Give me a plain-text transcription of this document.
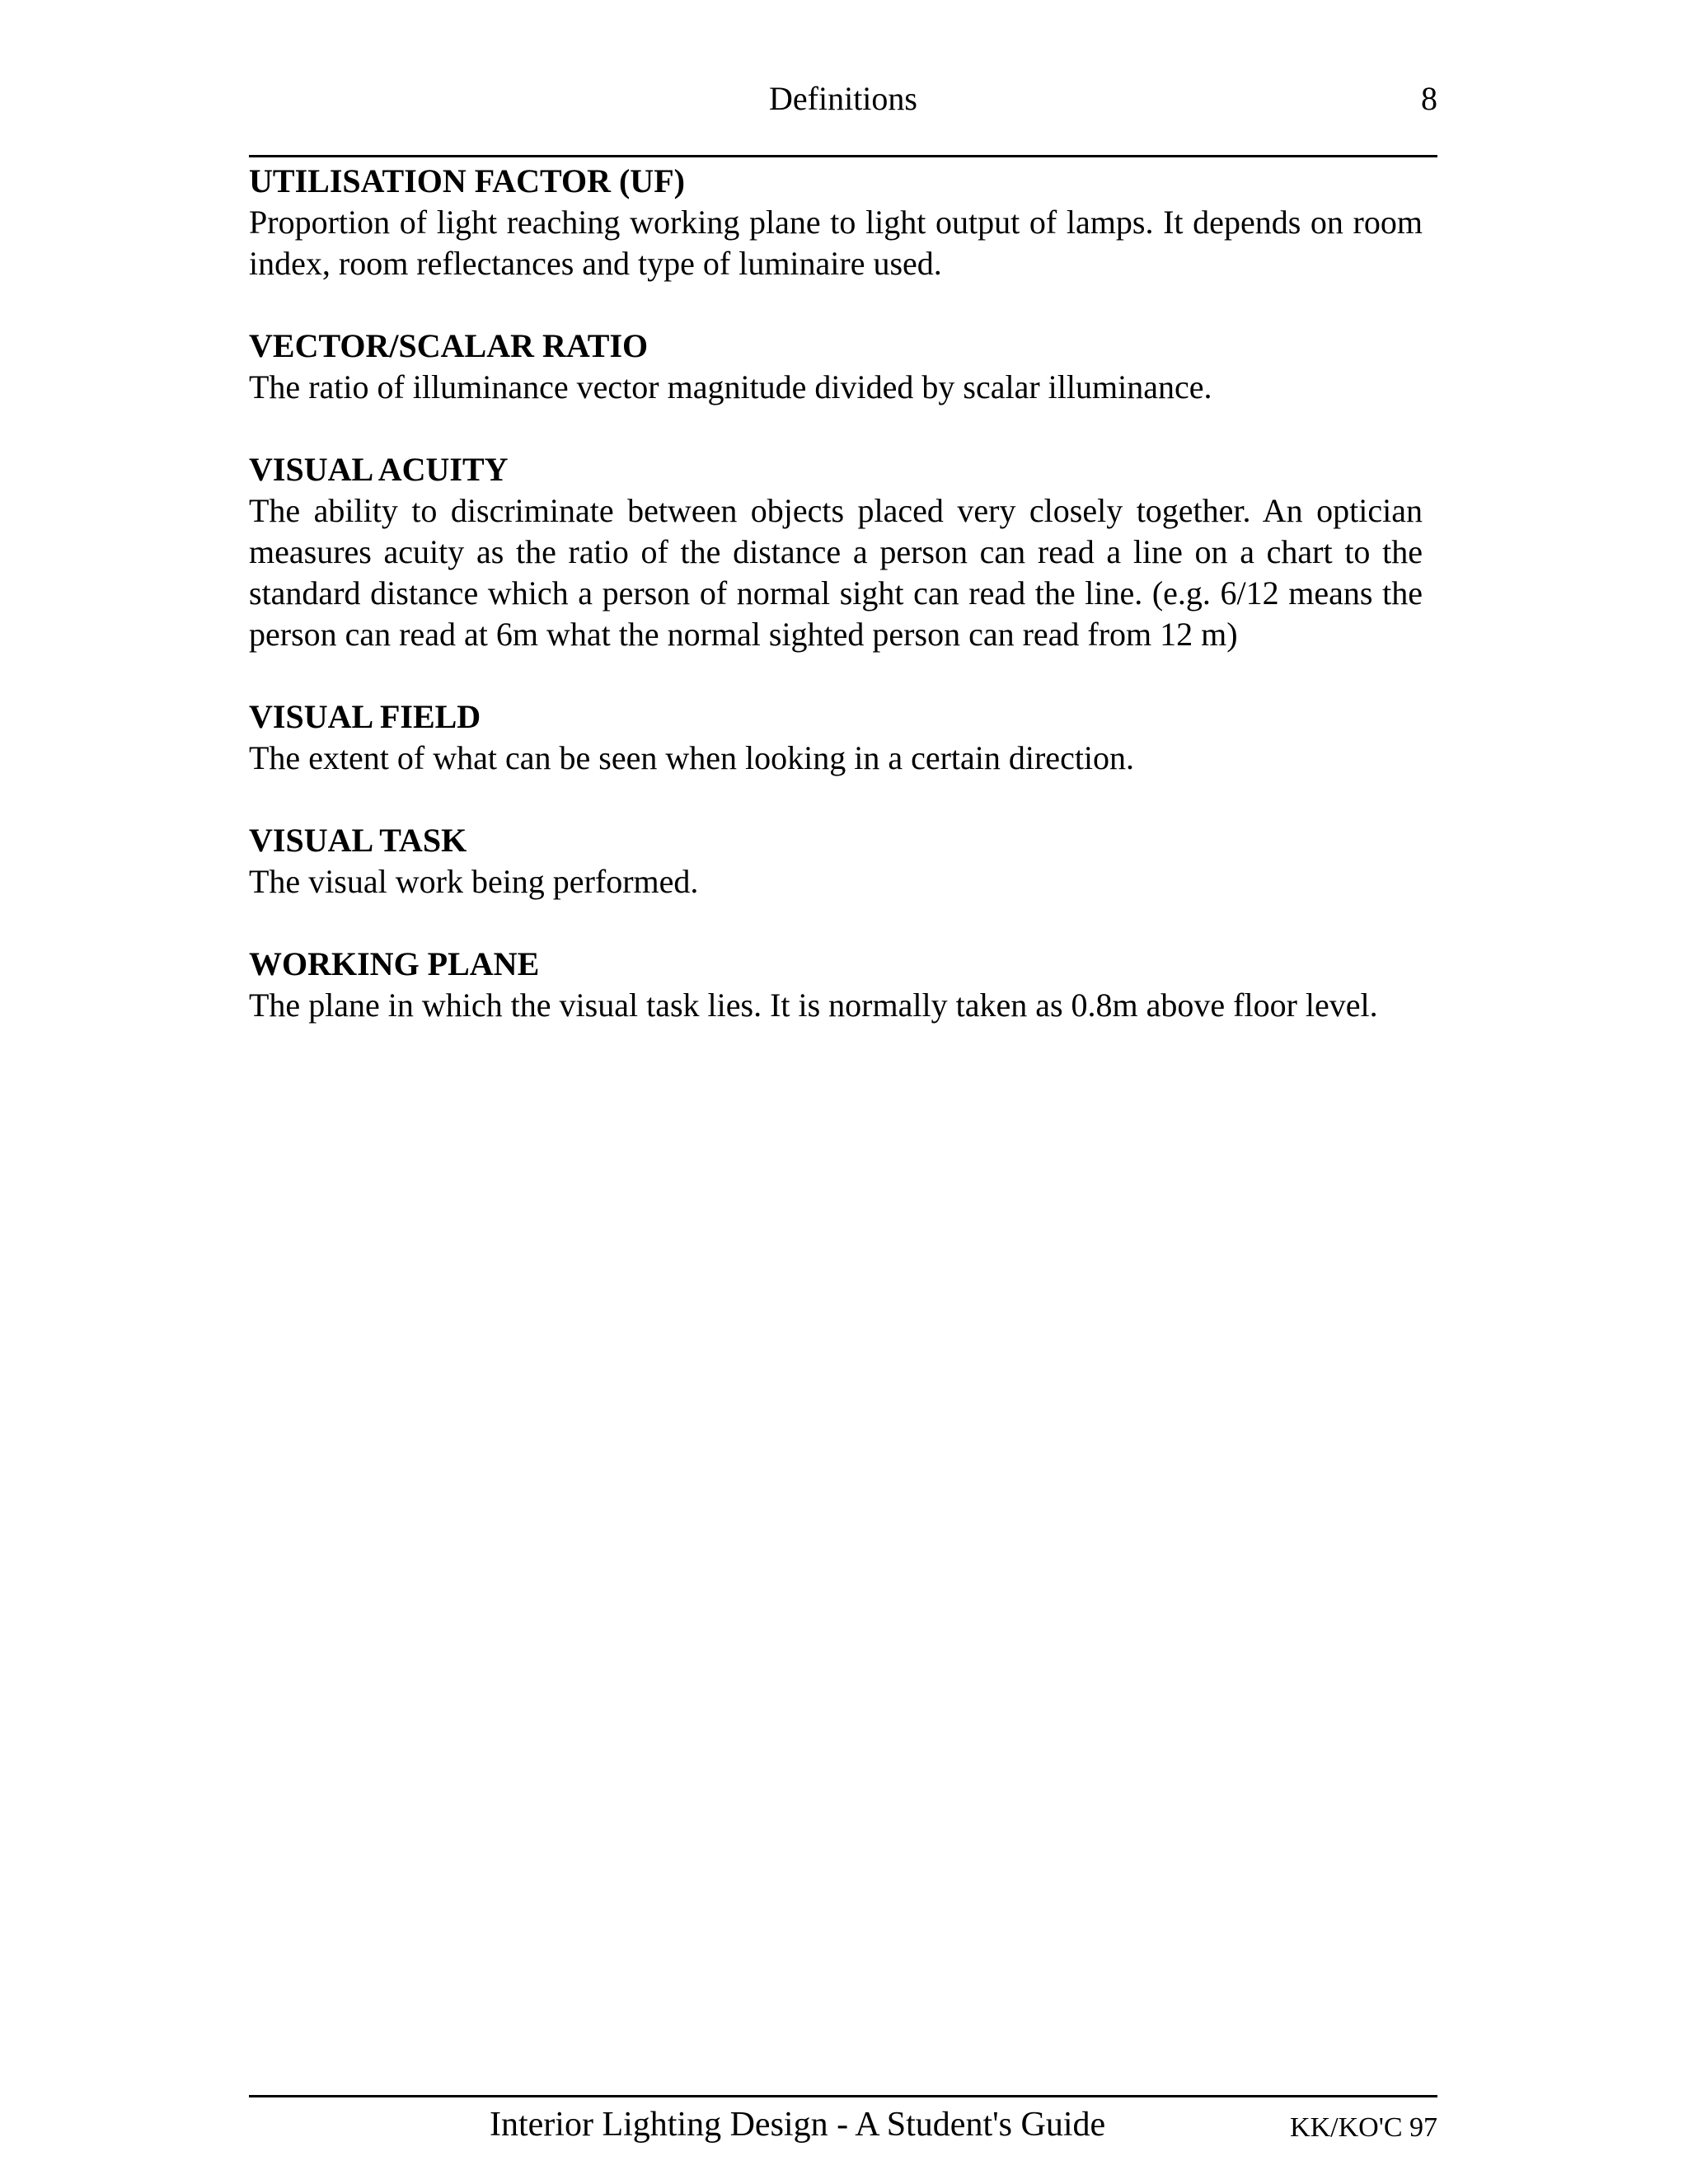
Definitions	8

UTILISATION FACTOR (UF)

Proportion of light reaching working plane to light output of lamps. It depends on room index, room reflectances and type of luminaire used.

VECTOR/SCALAR RATIO

The ratio of illuminance vector magnitude divided by scalar illuminance.

VISUAL ACUITY

The ability to discriminate between objects placed very closely together. An optician measures acuity as the ratio of the distance a person can read a line on a chart to the standard distance which a person of normal sight can read the line. (e.g. 6/12 means the person can read at 6m what the normal sighted person can read from 12 m)

VISUAL FIELD

The extent of what can be seen when looking in a certain direction.

VISUAL TASK

The visual work being performed.

WORKING PLANE

The plane in which the visual task lies. It is normally taken as 0.8m above floor level.

Interior Lighting Design - A Student's Guide	KK/KO'C 97
